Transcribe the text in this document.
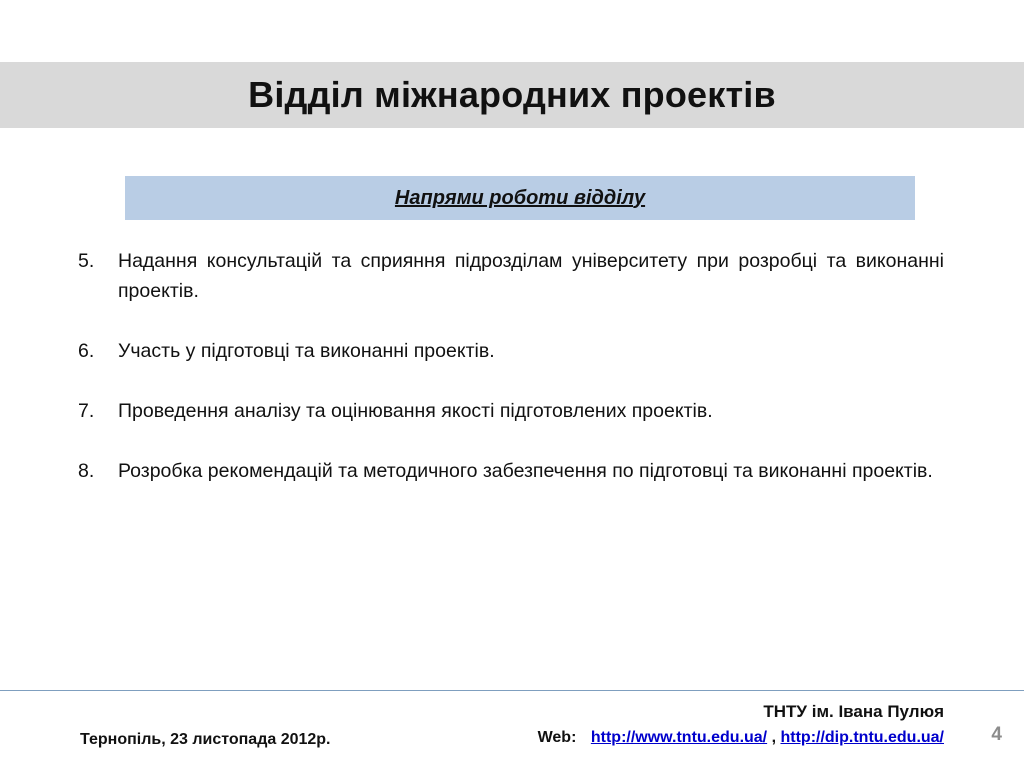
Відділ міжнародних проектів
Напрями роботи відділу
5.	Надання консультацій та сприяння підрозділам університету при розробці та виконанні проектів.
6.	Участь у підготовці та виконанні проектів.
7.	Проведення аналізу та оцінювання якості підготовлених проектів.
8.	Розробка рекомендацій та методичного забезпечення по підготовці та виконанні проектів.
ТНТУ ім. Івана Пулюя
Web: http://www.tntu.edu.ua/ , http://dip.tntu.edu.ua/
Тернопіль, 23 листопада 2012р.	4
